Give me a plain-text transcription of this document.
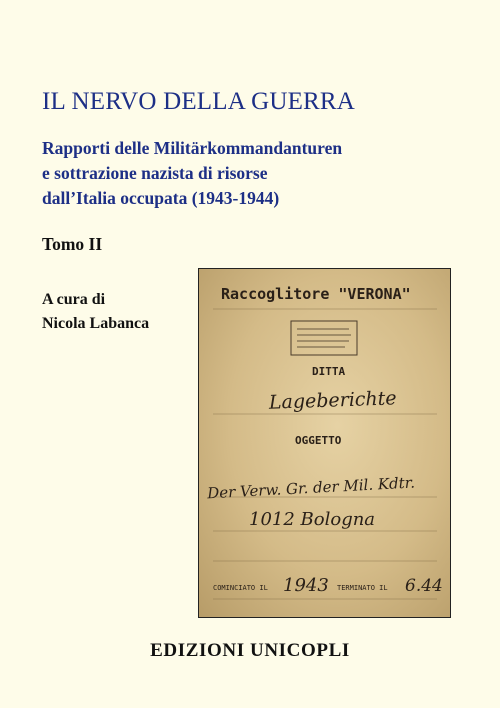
IL NERVO DELLA GUERRA
Rapporti delle Militärkommandanturen
e sottrazione nazista di risorse
dall’Italia occupata (1943-1944)
Tomo II
A cura di
Nicola Labanca
Raccoglitore "VERONA"
DITTA
Lageberichte
OGGETTO
Der Verw. Gr. der Mil. Kdtr.
1012 Bologna
COMINCIATO IL 1943 TERMINATO IL 6.44
EDIZIONI UNICOPLI
